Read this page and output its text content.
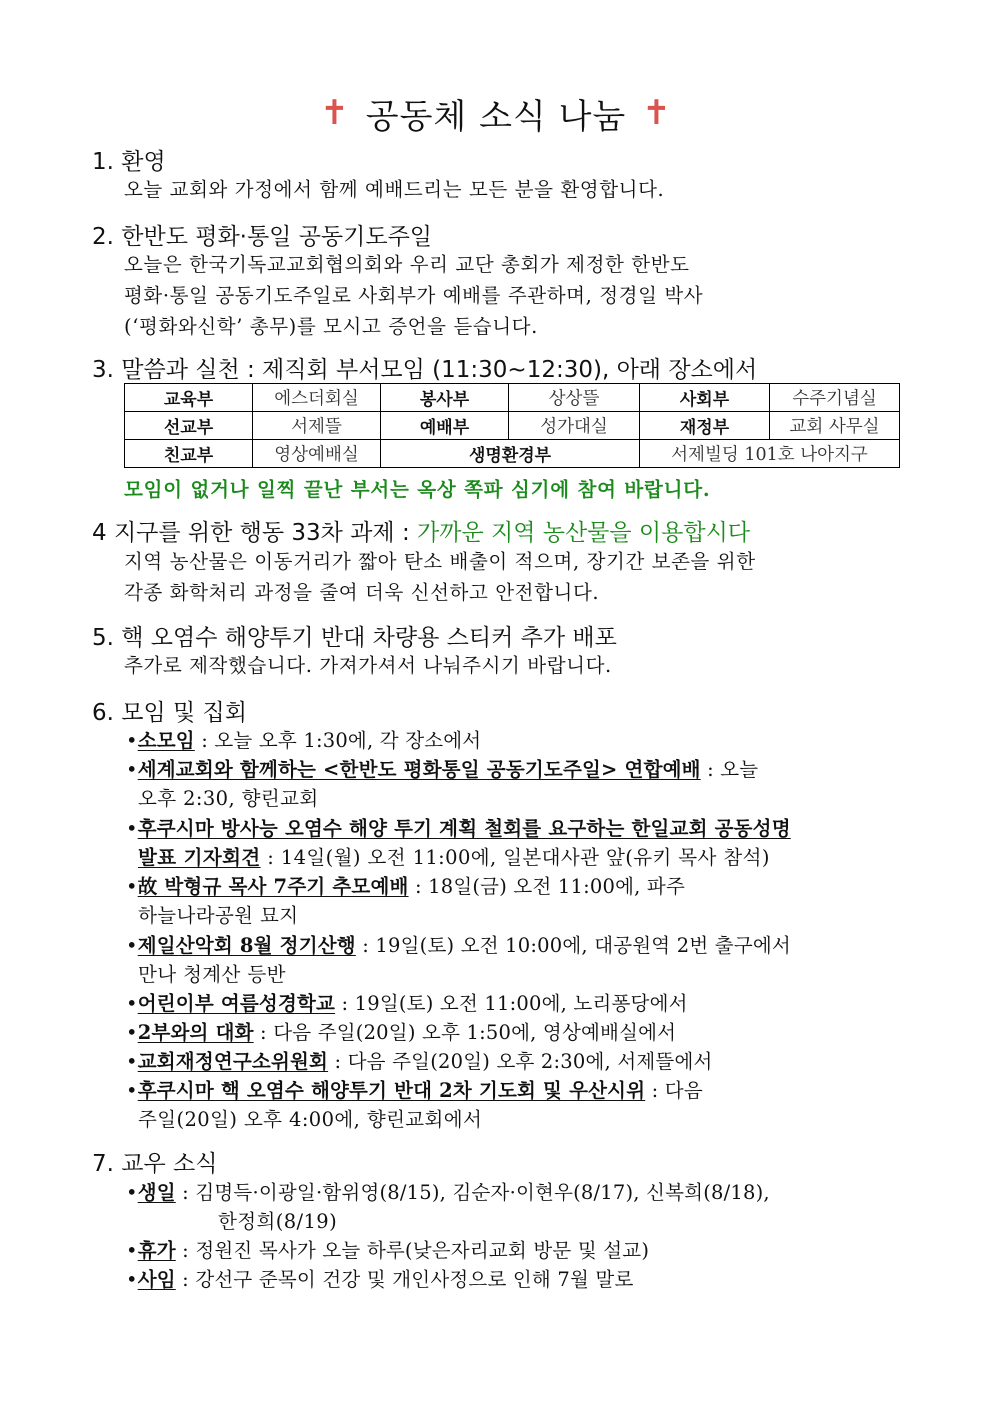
✝ 공동체 소식 나눔 ✝
1. 환영
오늘 교회와 가정에서 함께 예배드리는 모든 분을 환영합니다.
2. 한반도 평화·통일 공동기도주일
오늘은 한국기독교교회협의회와 우리 교단 총회가 제정한 한반도
평화·통일 공동기도주일로 사회부가 예배를 주관하며, 정경일 박사
(‘평화와신학’ 총무)를 모시고 증언을 듣습니다.
3. 말씀과 실천 : 제직회 부서모임 (11:30~12:30), 아래 장소에서
교육부	에스더회실	봉사부	상상뜰	사회부	수주기념실
선교부	서제뜰	예배부	성가대실	재정부	교회 사무실
친교부	영상예배실	생명환경부		서제빌딩 101호 나아지구	
모임이 없거나 일찍 끝난 부서는 옥상 쪽파 심기에 참여 바랍니다.
4 지구를 위한 행동 33차 과제 : 가까운 지역 농산물을 이용합시다
지역 농산물은 이동거리가 짧아 탄소 배출이 적으며, 장기간 보존을 위한
각종 화학처리 과정을 줄여 더욱 신선하고 안전합니다.
5. 핵 오염수 해양투기 반대 차량용 스티커 추가 배포
추가로 제작했습니다. 가져가셔서 나눠주시기 바랍니다.
6. 모임 및 집회
•소모임 : 오늘 오후 1:30에, 각 장소에서
•세계교회와 함께하는 <한반도 평화통일 공동기도주일> 연합예배 : 오늘
오후 2:30, 향린교회
•후쿠시마 방사능 오염수 해양 투기 계획 철회를 요구하는 한일교회 공동성명
발표 기자회견 : 14일(월) 오전 11:00에, 일본대사관 앞(유키 목사 참석)
•故 박형규 목사 7주기 추모예배 : 18일(금) 오전 11:00에, 파주
하늘나라공원 묘지
•제일산악회 8월 정기산행 : 19일(토) 오전 10:00에, 대공원역 2번 출구에서
만나 청계산 등반
•어린이부 여름성경학교 : 19일(토) 오전 11:00에, 노리퐁당에서
•2부와의 대화 : 다음 주일(20일) 오후 1:50에, 영상예배실에서
•교회재정연구소위원회 : 다음 주일(20일) 오후 2:30에, 서제뜰에서
•후쿠시마 핵 오염수 해양투기 반대 2차 기도회 및 우산시위 : 다음
주일(20일) 오후 4:00에, 향린교회에서
7. 교우 소식
•생일 : 김명득·이광일·함위영(8/15), 김순자·이현우(8/17), 신복희(8/18),
한정희(8/19)
•휴가 : 정원진 목사가 오늘 하루(낮은자리교회 방문 및 설교)
•사임 : 강선구 준목이 건강 및 개인사정으로 인해 7월 말로
